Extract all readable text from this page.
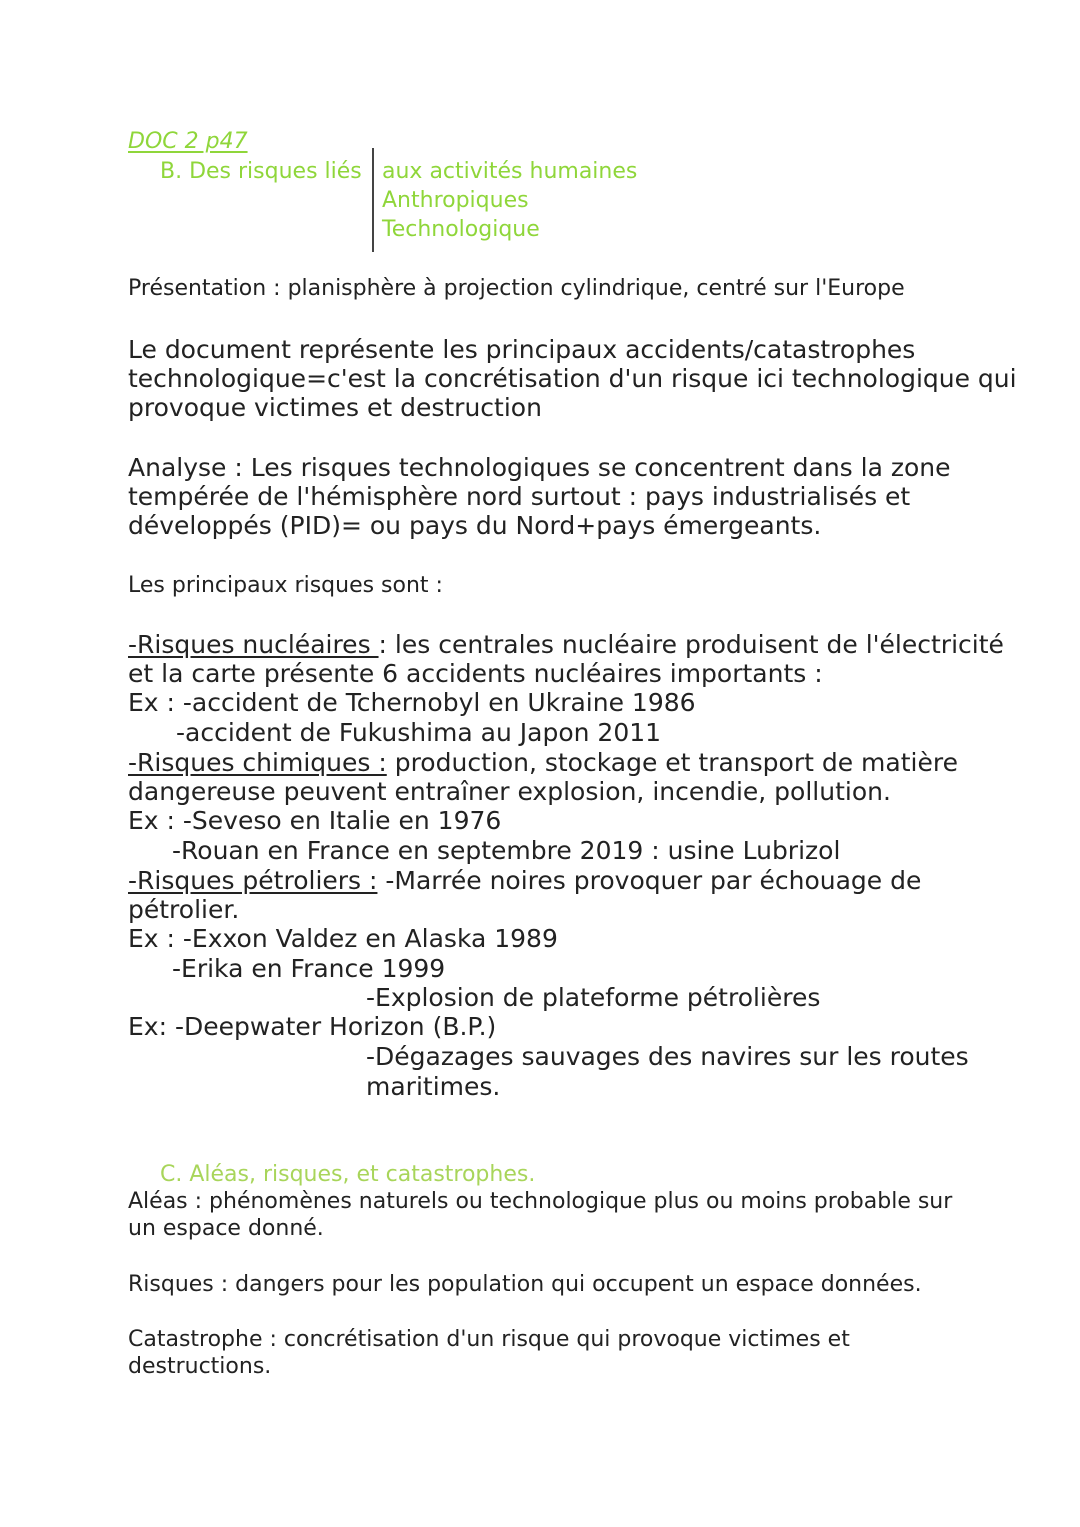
DOC 2 p47
B. Des risques liés aux activités humaines
Anthropiques
Technologique
Présentation : planisphère à projection cylindrique, centré sur l'Europe
Le document représente les principaux accidents/catastrophes
technologique=c'est la concrétisation d'un risque ici technologique qui
provoque victimes et destruction
Analyse : Les risques technologiques se concentrent dans la zone
tempérée de l'hémisphère nord surtout : pays industrialisés et
développés (PID)= ou pays du Nord+pays émergeants.
Les principaux risques sont :
-Risques nucléaires : les centrales nucléaire produisent de l'électricité
et la carte présente 6 accidents nucléaires importants :
Ex : -accident de Tchernobyl en Ukraine 1986
-accident de Fukushima au Japon 2011
-Risques chimiques : production, stockage et transport de matière
dangereuse peuvent entraîner explosion, incendie, pollution.
Ex : -Seveso en Italie en 1976
-Rouan en France en septembre 2019 : usine Lubrizol
-Risques pétroliers : -Marrée noires provoquer par échouage de
pétrolier.
Ex : -Exxon Valdez en Alaska 1989
-Erika en France 1999
-Explosion de plateforme pétrolières
Ex: -Deepwater Horizon (B.P.)
-Dégazages sauvages des navires sur les routes
maritimes.
C. Aléas, risques, et catastrophes.
Aléas : phénomènes naturels ou technologique plus ou moins probable sur
un espace donné.
Risques : dangers pour les population qui occupent un espace données.
Catastrophe : concrétisation d'un risque qui provoque victimes et
destructions.
